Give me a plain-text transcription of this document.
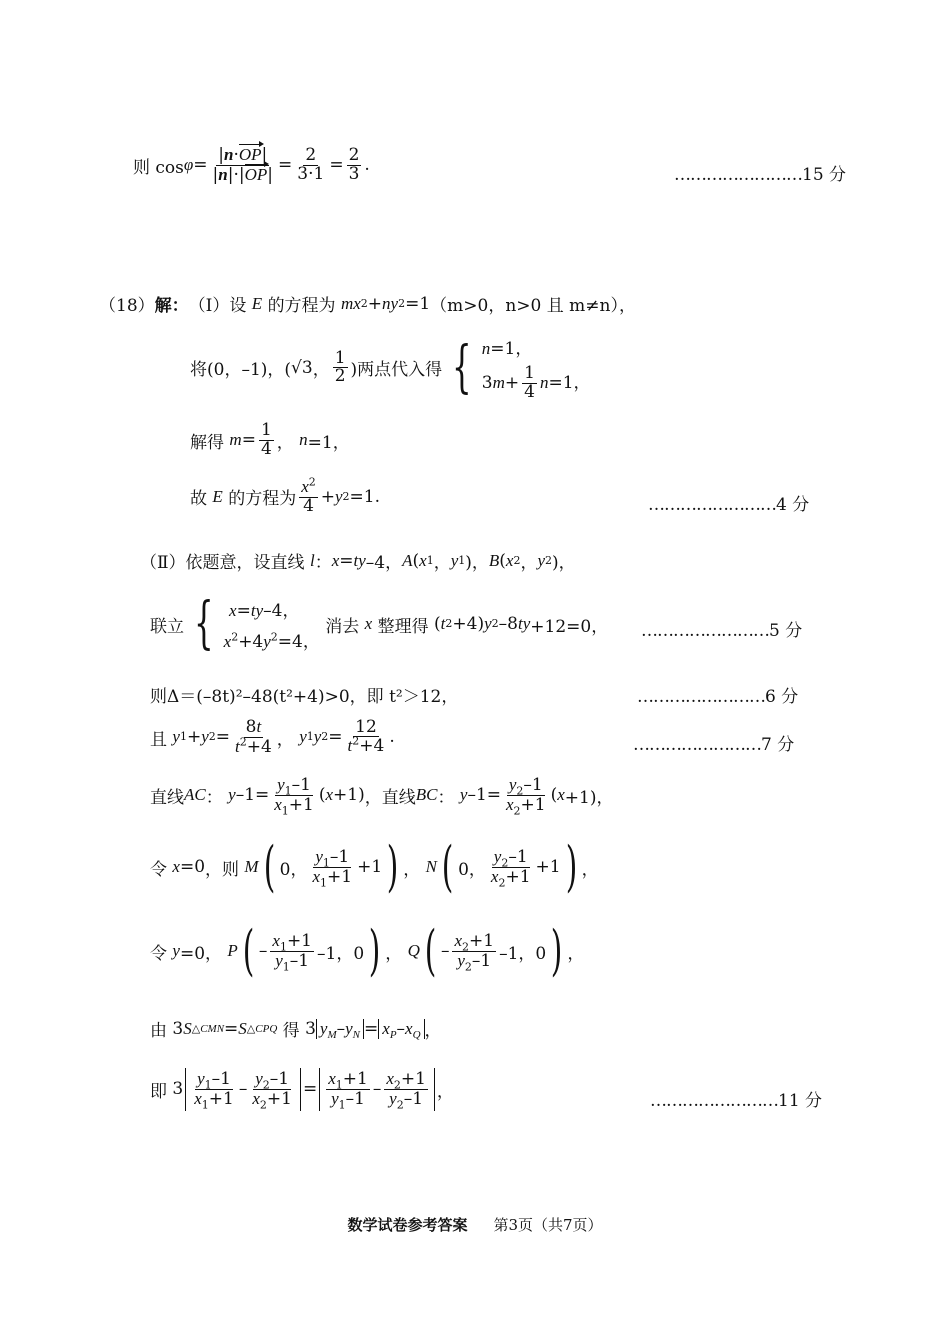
则 $\cos \varphi = \frac{|n\cdot OP|}{|n|\cdot|OP|} = \frac{2}{3\cdot 1} = \frac{2}{3}$ .	……………………15 分
（18） 解： （Ⅰ）设
E
的方程为
mx 2 + ny 2 =1 （m>0，n>0 且 m≠n），
将(0，–1)，( √3 ， $\frac{1}{2}$ )两点代入得 { n=1，
$3m+ \frac{1}{4} n=1$，
解得
$m = \frac{1}{4}$ ， n =1，
故
E
的方程为 $\frac{x^2}{4} + y$ 2 =1.	……………………4 分
（Ⅱ）依题意，设直线
l ： x = ty –4， A ( x 1 ， y 1 )， B ( x 2 ， y 2 )，
联立 { x=ty–4，
$x^2+4y^2=4$，

消去
x
整理得 ( t 2 +4) y 2 –8 ty +12=0， ……………………5 分
则Δ＝(–8t)²–48(t²+4)>0，即 t²＞12，	……………………6 分
且
y 1 + y $2 = \frac{8t}{t^2+4}$ ， y 1 y $2 = \frac{12}{t^2+4}$ .	……………………7 分
直线 AC ： y $-1= \frac{y_1-1}{x_1+1}$ ( x +1) ，直线 BC ： y $-1= \frac{y_2-1}{x_2+1}$ ( x +1)，
令
x =0 ，则
M ( 0， $\frac{y_1-1}{x_1+1} +1$ ) ， N ( 0， $\frac{y_2-1}{x_2+1} +1$ ) ，
令
y =0， P ( – $\frac{x_1+1}{y_1-1} -1$，0 ) ， Q ( – $\frac{x_2+1}{y_2-1} -1$，0 ) ，
由 3 S △CMN = S △CPQ
得 3 $y_M-y_N = x_P-x_Q$ ，
即 $3 \frac{y_1-1}{x_1+1} - \frac{y_2-1}{x_2+1} = \frac{x_1+1}{y_1-1} - \frac{x_2+1}{y_2-1}$ ，	……………………11 分
数学试卷参考答案 第3页（共7页）
